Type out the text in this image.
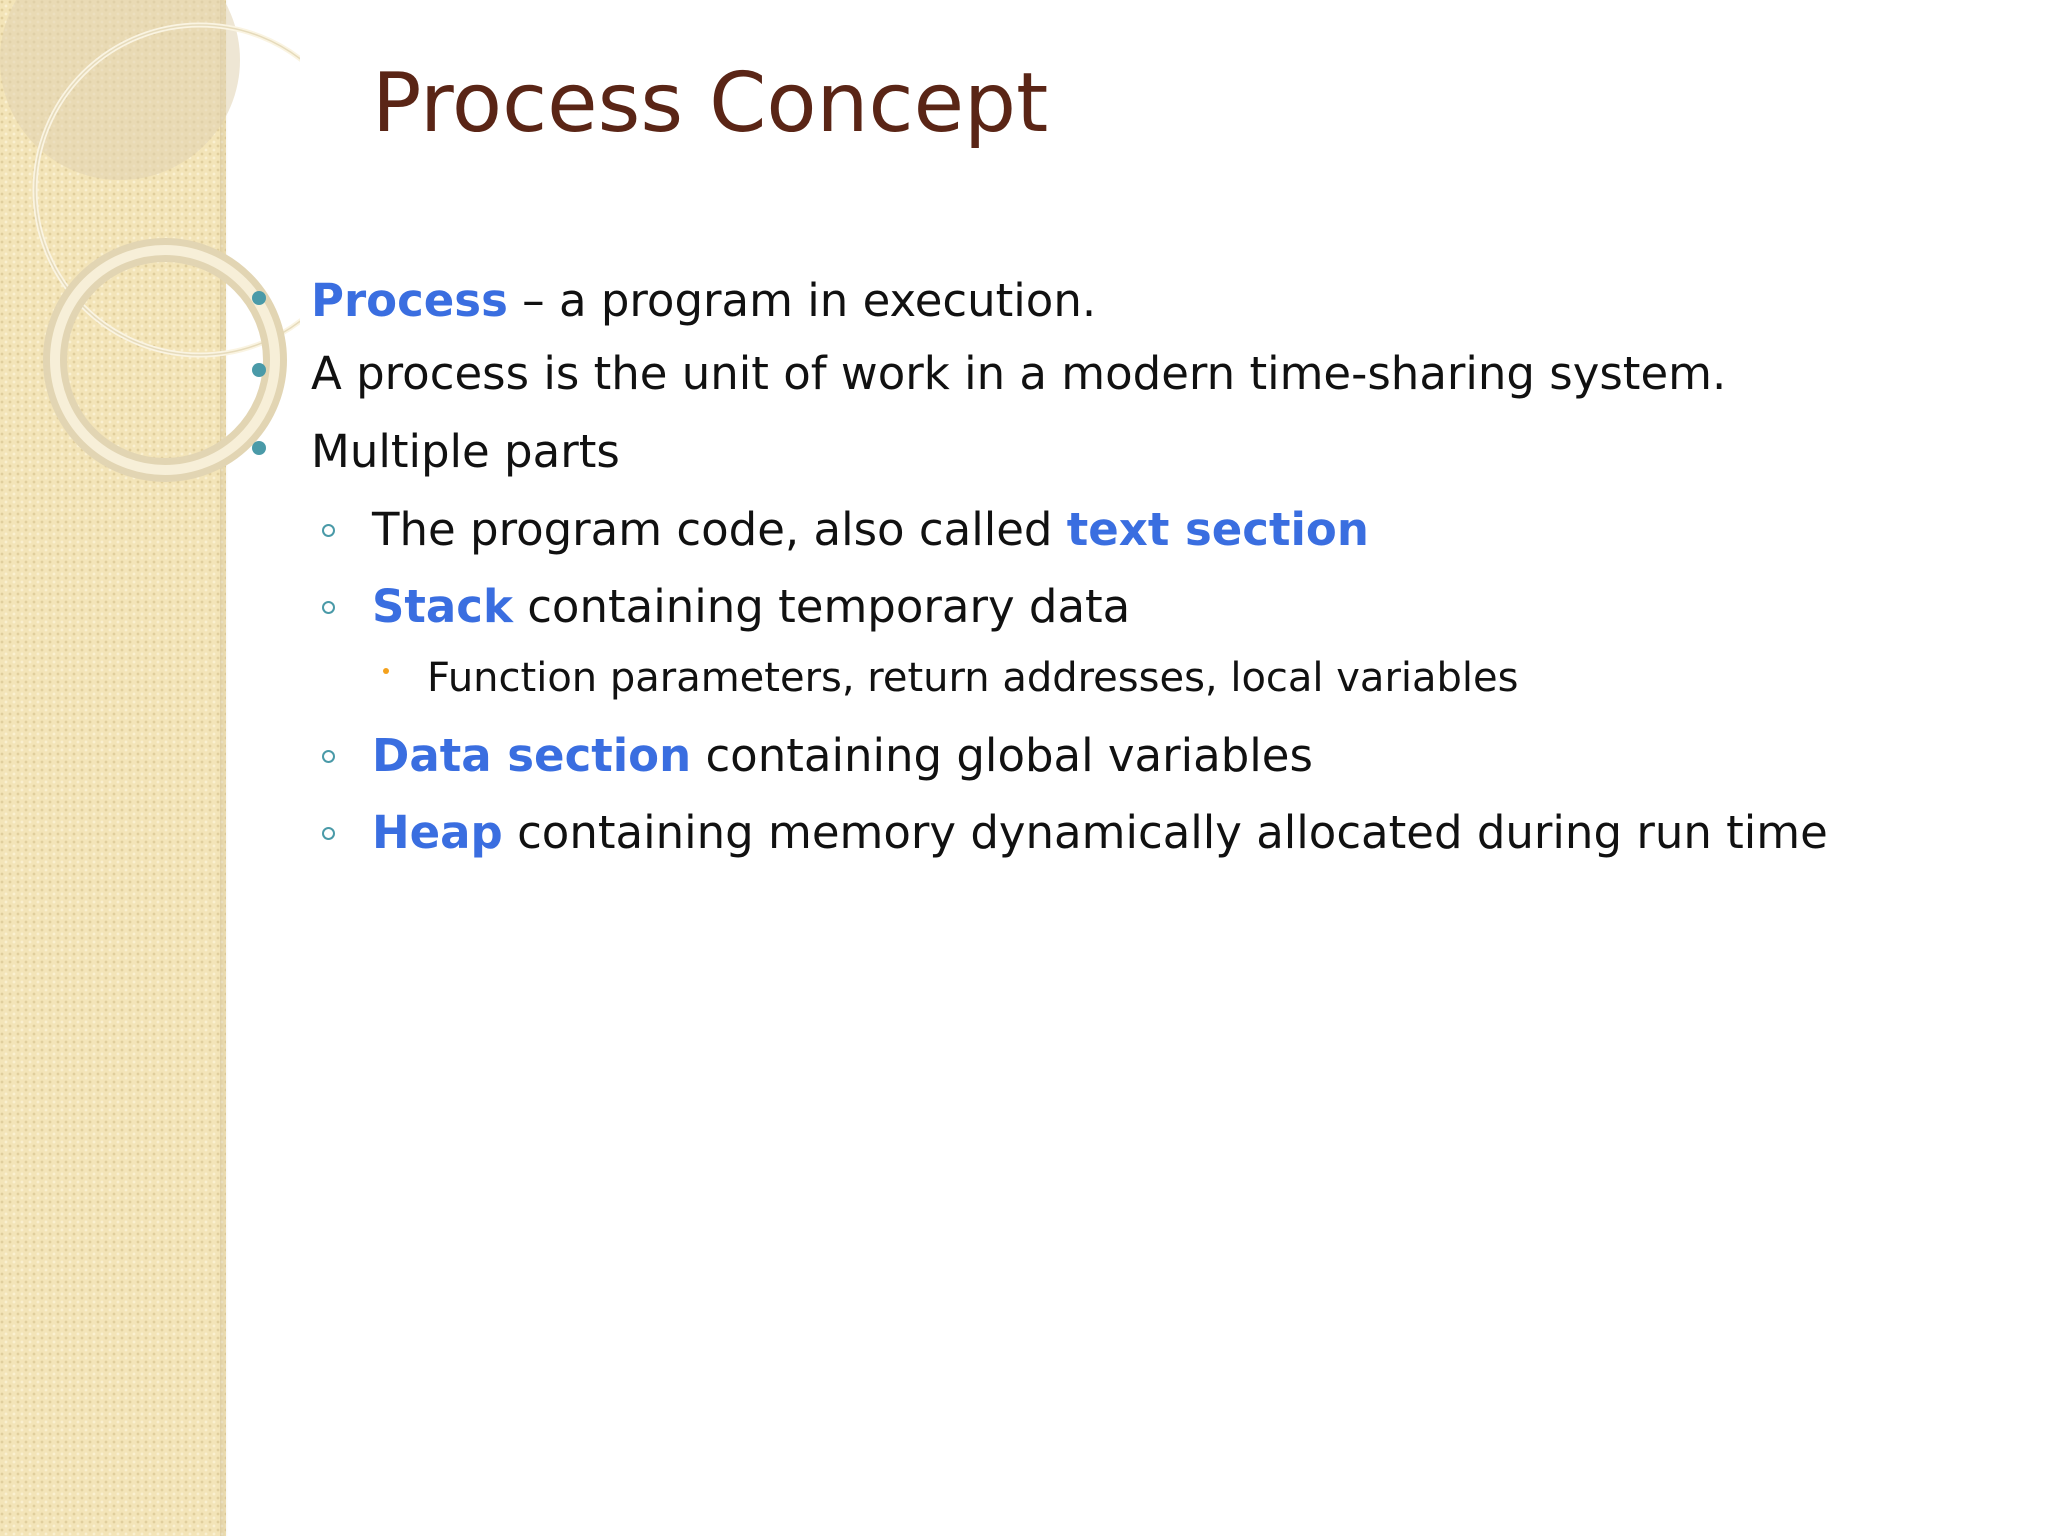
Process Concept
Process – a program in execution.
A process is the unit of work in a modern time-sharing system.
Multiple parts
The program code, also called text section
Stack containing temporary data
Function parameters, return addresses, local variables
Data section containing global variables
Heap containing memory dynamically allocated during run time
